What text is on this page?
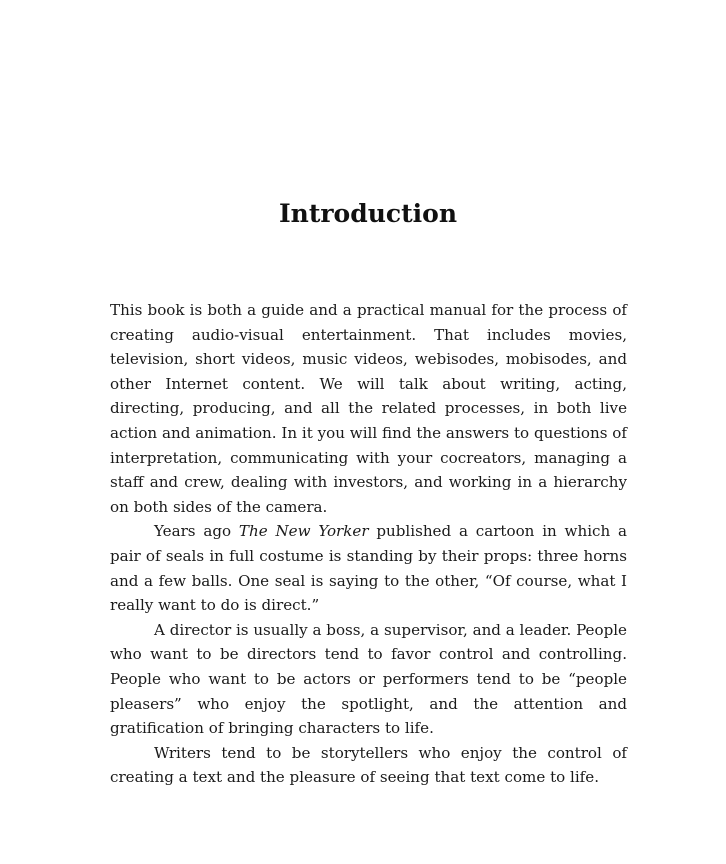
Introduction

This book is both a guide and a practical manual for the process of creating audio-visual entertainment. That includes movies, television, short videos, music videos, webisodes, mobisodes, and other Internet content. We will talk about writing, acting, directing, producing, and all the related processes, in both live action and animation. In it you will find the answers to questions of interpretation, communicating with your cocreators, managing a staff and crew, dealing with investors, and working in a hierarchy on both sides of the camera.

Years ago The New Yorker published a cartoon in which a pair of seals in full costume is standing by their props: three horns and a few balls. One seal is saying to the other, “Of course, what I really want to do is direct.”

A director is usually a boss, a supervisor, and a leader. People who want to be directors tend to favor control and controlling. People who want to be actors or performers tend to be “people pleasers” who enjoy the spotlight, and the attention and gratification of bringing characters to life.

Writers tend to be storytellers who enjoy the control of creating a text and the pleasure of seeing that text come to life.
